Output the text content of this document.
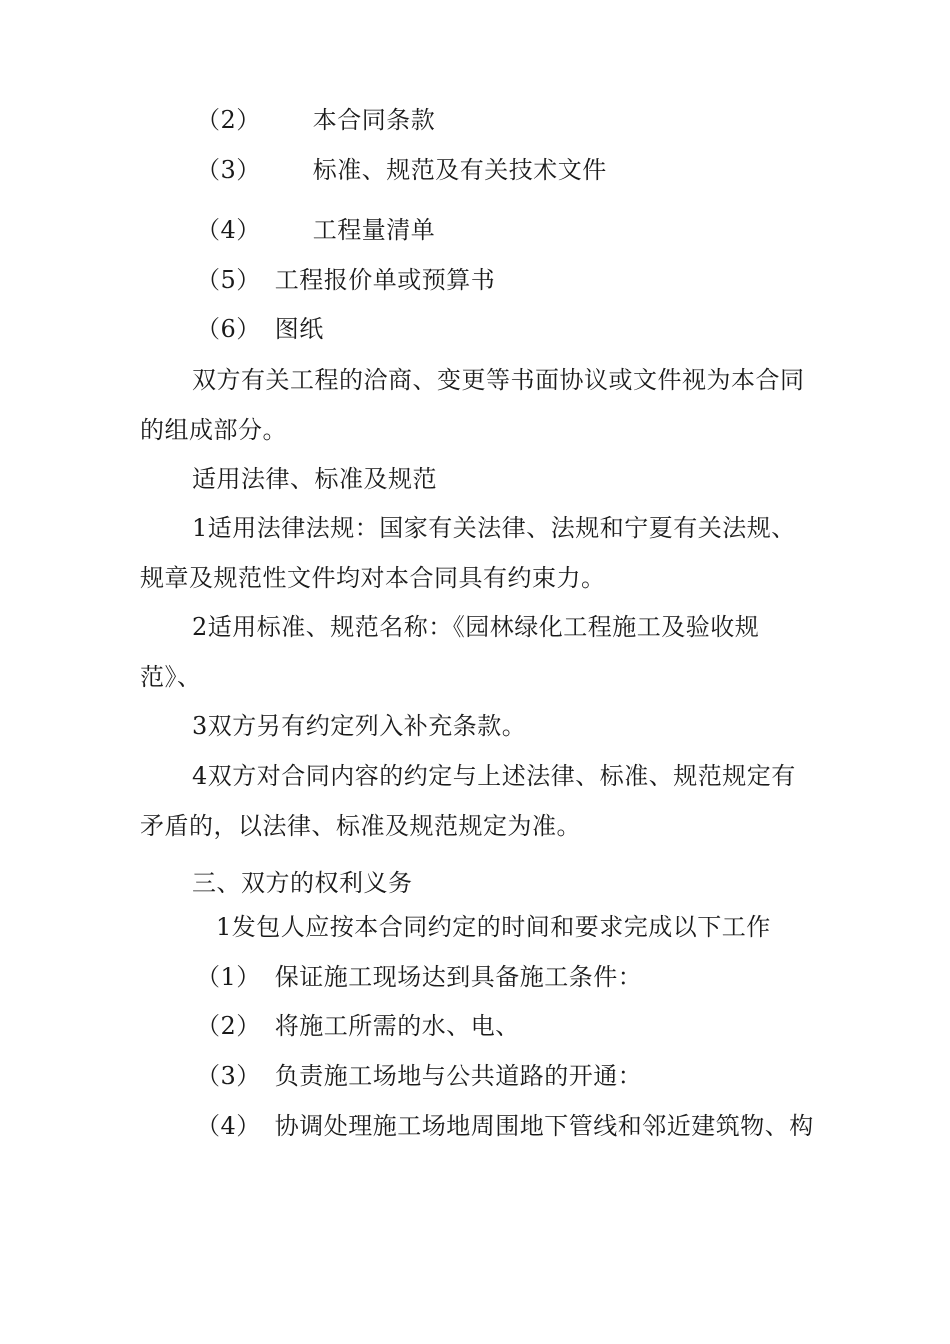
（2） 本合同条款
（3） 标准、规范及有关技术文件
（4） 工程量清单
（5） 工程报价单或预算书
（6） 图纸
双方有关工程的洽商、变更等书面协议或文件视为本合同
的组成部分。
适用法律、标准及规范
1适用法律法规：国家有关法律、法规和宁夏有关法规、
规章及规范性文件均对本合同具有约束力。
2适用标准、规范名称：《园林绿化工程施工及验收规
范》、
3双方另有约定列入补充条款。
4双方对合同内容的约定与上述法律、标准、规范规定有
矛盾的，以法律、标准及规范规定为准。
三、双方的权利义务
1发包人应按本合同约定的时间和要求完成以下工作
（1） 保证施工现场达到具备施工条件：
（2） 将施工所需的水、电、
（3） 负责施工场地与公共道路的开通：
（4） 协调处理施工场地周围地下管线和邻近建筑物、构
